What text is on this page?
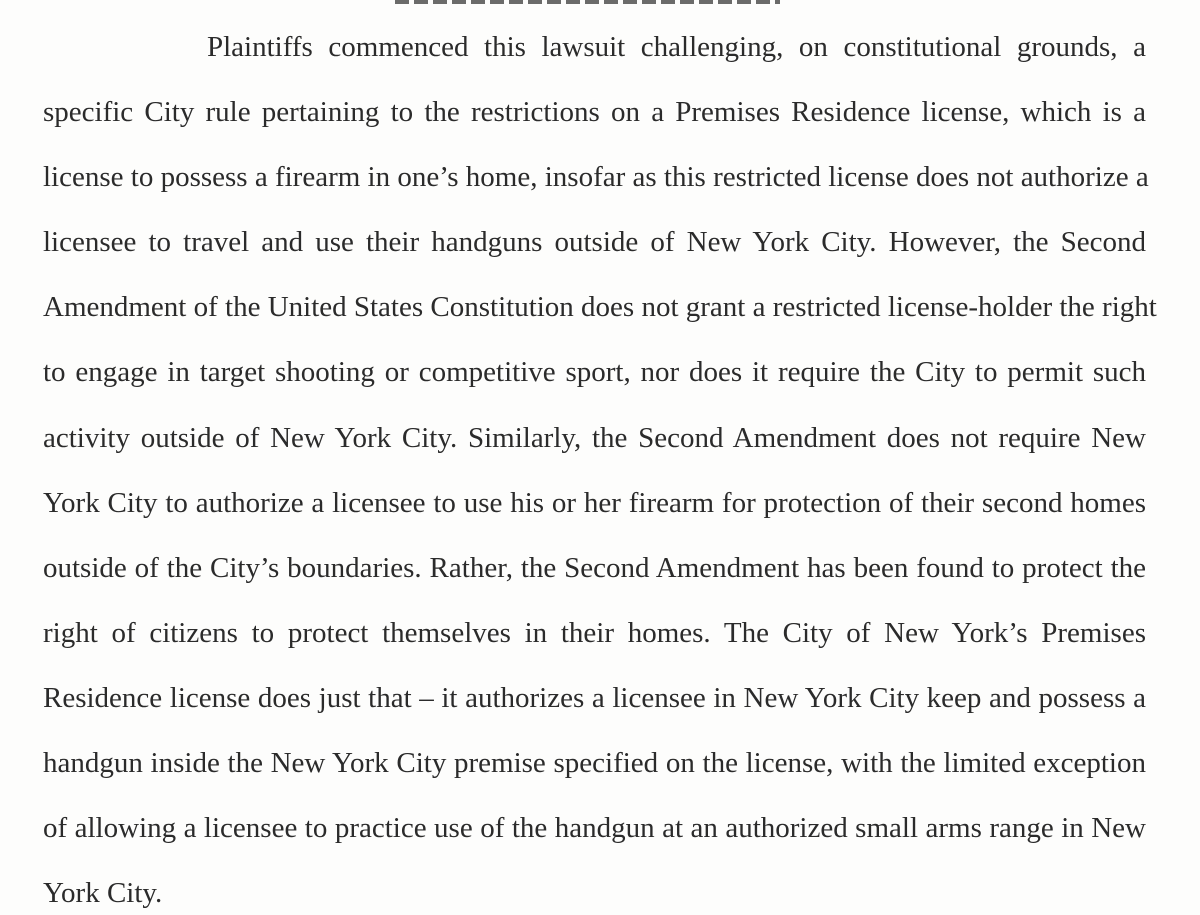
Plaintiffs commenced this lawsuit challenging, on constitutional grounds, a
specific City rule pertaining to the restrictions on a Premises Residence license, which is a
license to possess a firearm in one’s home, insofar as this restricted license does not authorize a
licensee to travel and use their handguns outside of New York City. However, the Second
Amendment of the United States Constitution does not grant a restricted license-holder the right
to engage in target shooting or competitive sport, nor does it require the City to permit such
activity outside of New York City. Similarly, the Second Amendment does not require New
York City to authorize a licensee to use his or her firearm for protection of their second homes
outside of the City’s boundaries. Rather, the Second Amendment has been found to protect the
right of citizens to protect themselves in their homes. The City of New York’s Premises
Residence license does just that – it authorizes a licensee in New York City keep and possess a
handgun inside the New York City premise specified on the license, with the limited exception
of allowing a licensee to practice use of the handgun at an authorized small arms range in New
York City.
